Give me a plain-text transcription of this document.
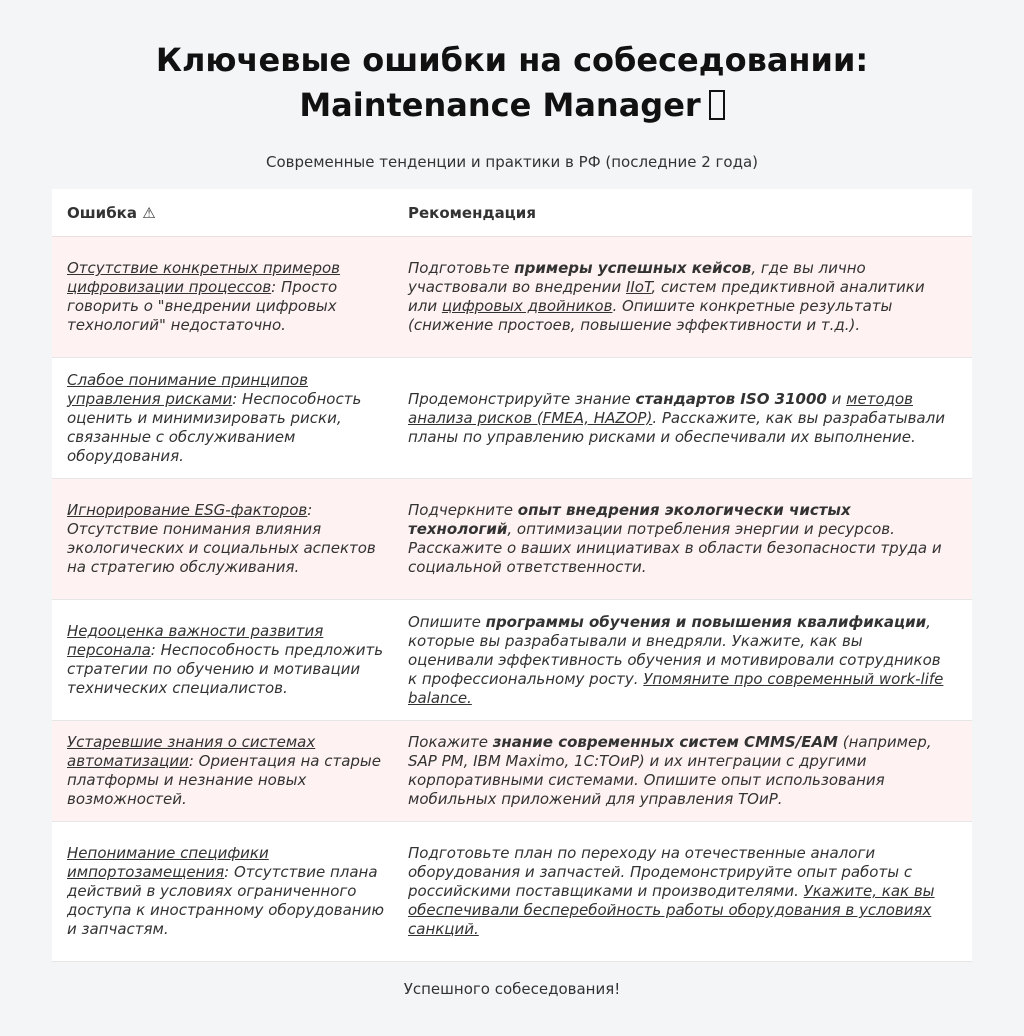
Ключевые ошибки на собеседовании:
Maintenance Manager
Современные тенденции и практики в РФ (последние 2 года)
Ошибка ⚠	Рекомендация
Отсутствие конкретных примеров цифровизации процессов: Просто говорить о "внедрении цифровых технологий" недостаточно.
Подготовьте примеры успешных кейсов, где вы лично участвовали во внедрении IIoT, систем предиктивной аналитики или цифровых двойников. Опишите конкретные результаты (снижение простоев, повышение эффективности и т.д.).
Слабое понимание принципов управления рисками: Неспособность оценить и минимизировать риски, связанные с обслуживанием оборудования.
Продемонстрируйте знание стандартов ISO 31000 и методов анализа рисков (FMEA, HAZOP). Расскажите, как вы разрабатывали планы по управлению рисками и обеспечивали их выполнение.
Игнорирование ESG-факторов: Отсутствие понимания влияния экологических и социальных аспектов на стратегию обслуживания.
Подчеркните опыт внедрения экологически чистых технологий, оптимизации потребления энергии и ресурсов. Расскажите о ваших инициативах в области безопасности труда и социальной ответственности.
Недооценка важности развития персонала: Неспособность предложить стратегии по обучению и мотивации технических специалистов.
Опишите программы обучения и повышения квалификации, которые вы разрабатывали и внедряли. Укажите, как вы оценивали эффективность обучения и мотивировали сотрудников к профессиональному росту. Упомяните про современный work-life balance.
Устаревшие знания о системах автоматизации: Ориентация на старые платформы и незнание новых возможностей.
Покажите знание современных систем CMMS/EAM (например, SAP PM, IBM Maximo, 1С:ТОиР) и их интеграции с другими корпоративными системами. Опишите опыт использования мобильных приложений для управления ТОиР.
Непонимание специфики импортозамещения: Отсутствие плана действий в условиях ограниченного доступа к иностранному оборудованию и запчастям.
Подготовьте план по переходу на отечественные аналоги оборудования и запчастей. Продемонстрируйте опыт работы с российскими поставщиками и производителями. Укажите, как вы обеспечивали бесперебойность работы оборудования в условиях санкций.
Успешного собеседования!
